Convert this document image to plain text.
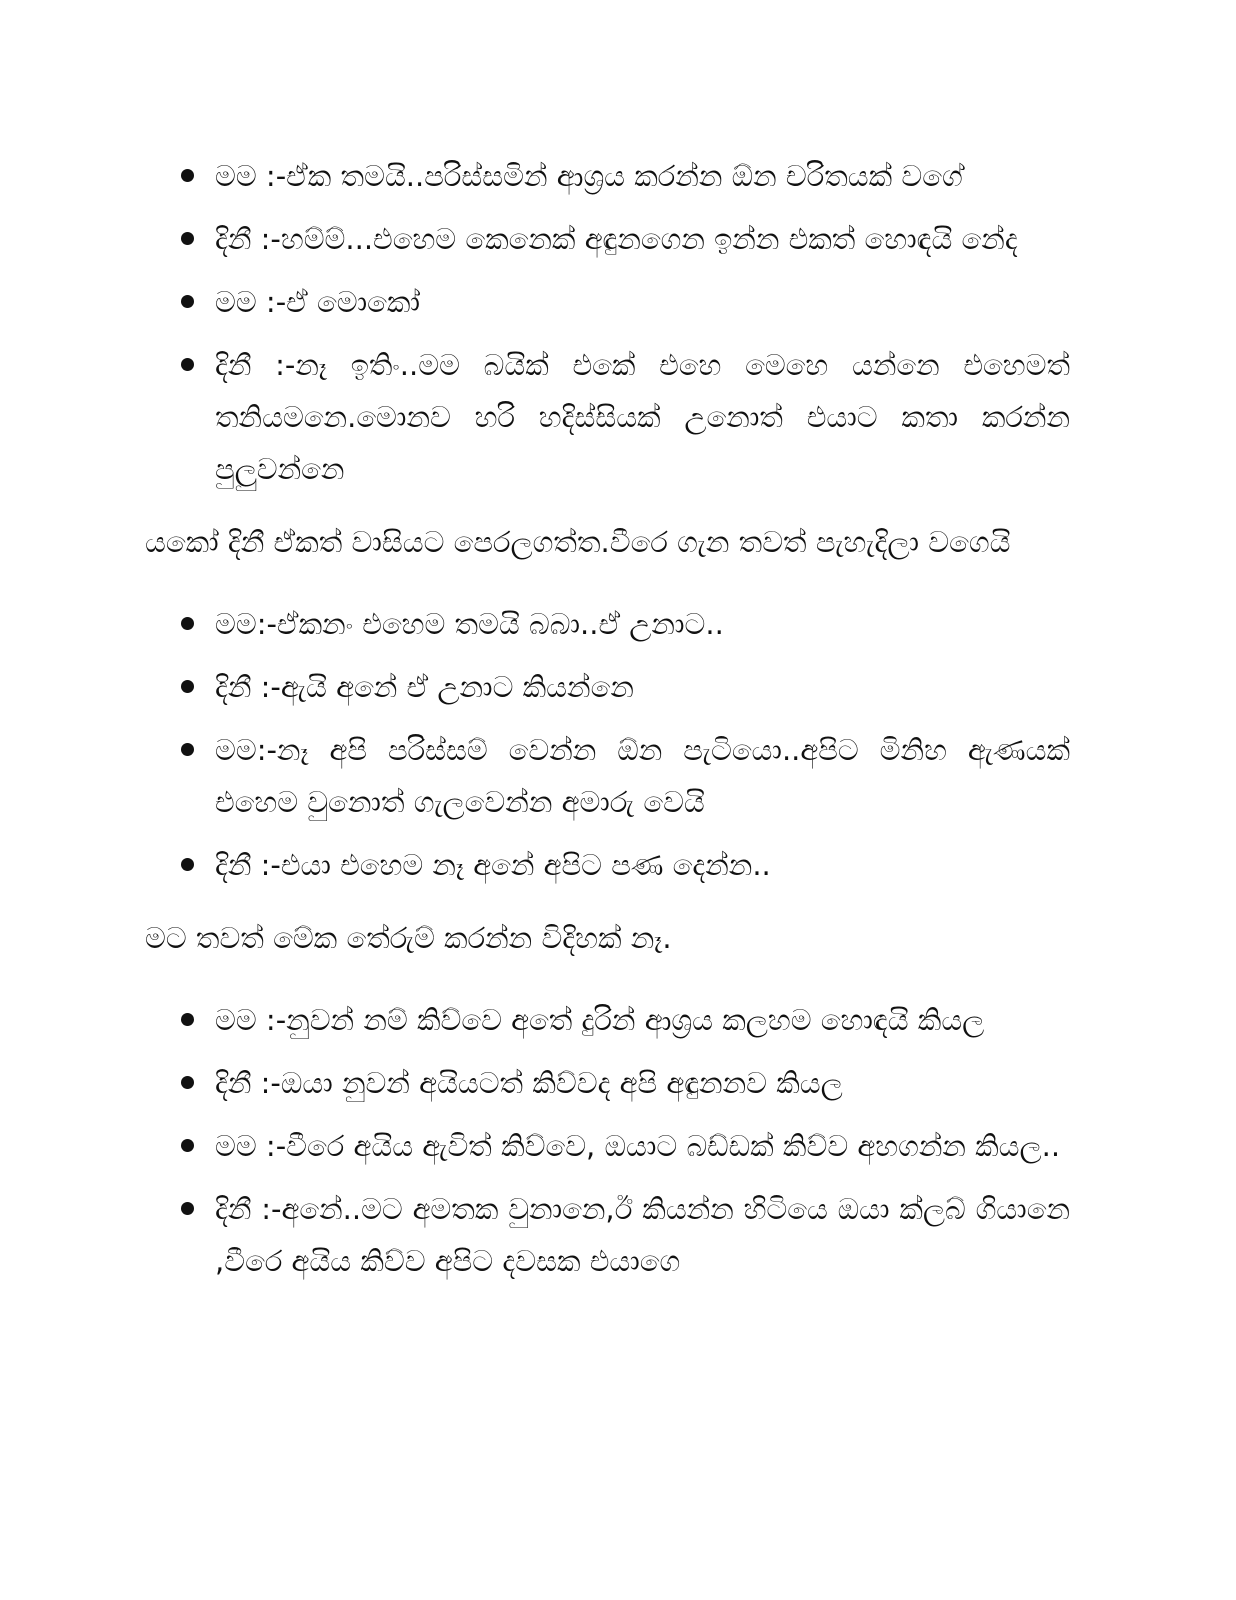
මම :-ඒක තමයි..පරිස්සමින් ආශ්‍රය කරන්න ඕන චරිතයක් වගේ
දිනී :-හම්ම්...එහෙම කෙනෙක් අඳුනගෙන ඉන්න එකත් හොඳයි නේද
මම :-ඒ මොකෝ
දිනී :-නෑ ඉතිං..මම බයික් එකේ එහෙ මෙහෙ යන්නෙ එහෙමත් තනියමනෙ.මොනව හරි හදිස්සියක් උනොත් එයාට කතා කරන්න පුලුවන්නෙ

යකෝ දිනී ඒකත් වාසියට පෙරලගත්ත.වීරෙ ගැන තවත් පැහැදිලා වගෙයි

මම:-ඒකනං එහෙම තමයි බබා..ඒ උනාට..
දිනී :-ඇයි අනේ ඒ උනාට කියන්නෙ
මම:-නෑ අපි පරිස්සම් වෙන්න ඕන පැටියො..අපිට මිනිහ ඇණයක් එහෙම වුනොත් ගැලවෙන්න අමාරු වෙයි
දිනී :-එයා එහෙම නෑ අනේ අපිට පණ දෙන්න..

මට තවත් මේක තේරුම් කරන්න විදිහක් නෑ.

මම :-නුවන් නම් කිව්වෙ අතේ දුරින් ආශ්‍රය කලහම හොඳයි කියල
දිනී :-ඔයා නුවන් අයියටත් කිව්වද අපි අඳුනනව කියල
මම :-වීරෙ අයිය ඇවිත් කිව්වෙ, ඔයාට බඩ්ඩක් කිව්ව අහගන්න කියල..
දිනී :-අනේ..මට අමතක වුනානෙ,ඊ කියන්න හිටියෙ ඔයා ක්ලබ් ගියානෙ ,වීරෙ අයිය කිව්ව අපිට දවසක එයාගෙ
